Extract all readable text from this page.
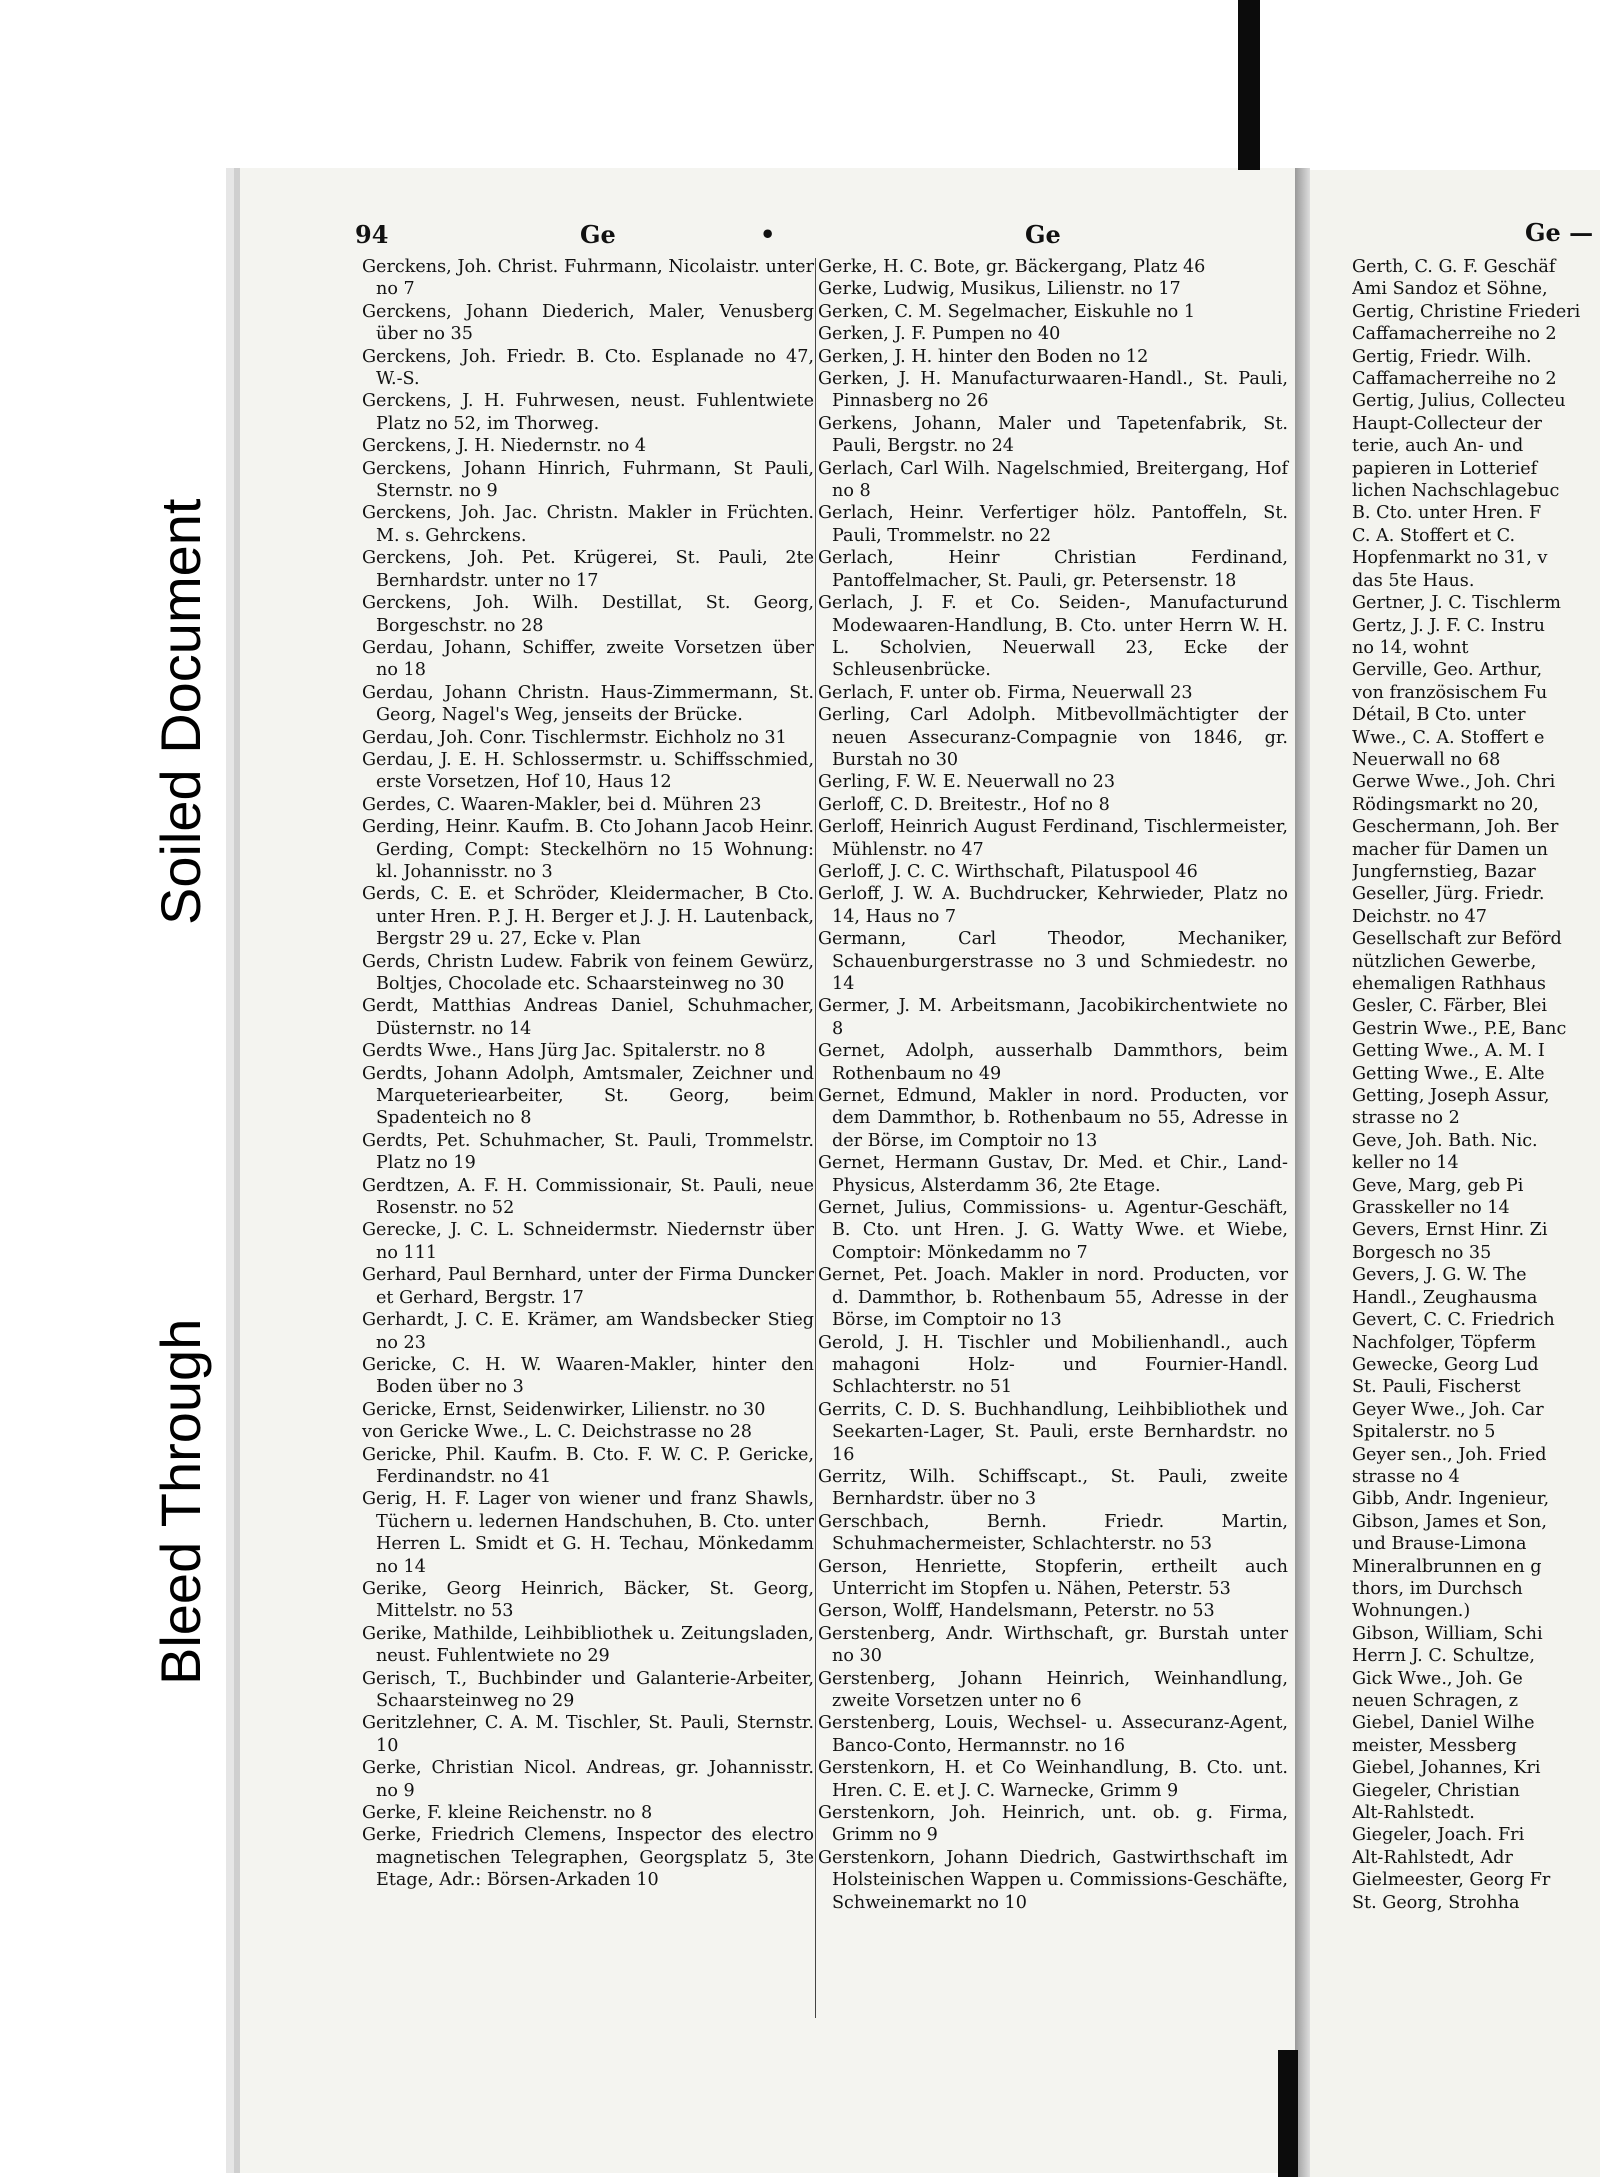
Soiled Document
Bleed Through
94	Ge	•	Ge	Ge —

Gerckens, Joh. Christ. Fuhrmann, Nicolaistr. unter no 7

Gerckens, Johann Diederich, Maler, Venusberg über no 35

Gerckens, Joh. Friedr. B. Cto. Esplanade no 47, W.-S.

Gerckens, J. H. Fuhrwesen, neust. Fuhlentwiete Platz no 52, im Thorweg.

Gerckens, J. H. Niedernstr. no 4

Gerckens, Johann Hinrich, Fuhrmann, St Pauli, Sternstr. no 9

Gerckens, Joh. Jac. Christn. Makler in Früchten. M. s. Gehrckens.

Gerckens, Joh. Pet. Krügerei, St. Pauli, 2te Bernhardstr. unter no 17

Gerckens, Joh. Wilh. Destillat, St. Georg, Borgeschstr. no 28

Gerdau, Johann, Schiffer, zweite Vorsetzen über no 18

Gerdau, Johann Christn. Haus-Zimmermann, St. Georg, Nagel's Weg, jenseits der Brücke.

Gerdau, Joh. Conr. Tischlermstr. Eichholz no 31

Gerdau, J. E. H. Schlossermstr. u. Schiffsschmied, erste Vorsetzen, Hof 10, Haus 12

Gerdes, C. Waaren-Makler, bei d. Mühren 23

Gerding, Heinr. Kaufm. B. Cto Johann Jacob Heinr. Gerding, Compt: Steckelhörn no 15 Wohnung: kl. Johannisstr. no 3

Gerds, C. E. et Schröder, Kleidermacher, B Cto. unter Hren. P. J. H. Berger et J. J. H. Lautenback, Bergstr 29 u. 27, Ecke v. Plan

Gerds, Christn Ludew. Fabrik von feinem Gewürz, Boltjes, Chocolade etc. Schaarsteinweg no 30

Gerdt, Matthias Andreas Daniel, Schuhmacher, Düsternstr. no 14

Gerdts Wwe., Hans Jürg Jac. Spitalerstr. no 8

Gerdts, Johann Adolph, Amtsmaler, Zeichner und Marqueteriearbeiter, St. Georg, beim Spadenteich no 8

Gerdts, Pet. Schuhmacher, St. Pauli, Trommelstr. Platz no 19

Gerdtzen, A. F. H. Commissionair, St. Pauli, neue Rosenstr. no 52

Gerecke, J. C. L. Schneidermstr. Niedernstr über no 111

Gerhard, Paul Bernhard, unter der Firma Duncker et Gerhard, Bergstr. 17

Gerhardt, J. C. E. Krämer, am Wandsbecker Stieg no 23

Gericke, C. H. W. Waaren-Makler, hinter den Boden über no 3

Gericke, Ernst, Seidenwirker, Lilienstr. no 30

von Gericke Wwe., L. C. Deichstrasse no 28

Gericke, Phil. Kaufm. B. Cto. F. W. C. P. Gericke, Ferdinandstr. no 41

Gerig, H. F. Lager von wiener und franz Shawls, Tüchern u. ledernen Handschuhen, B. Cto. unter Herren L. Smidt et G. H. Techau, Mönkedamm no 14

Gerike, Georg Heinrich, Bäcker, St. Georg, Mittelstr. no 53

Gerike, Mathilde, Leihbibliothek u. Zeitungsladen, neust. Fuhlentwiete no 29

Gerisch, T., Buchbinder und Galanterie-Arbeiter, Schaarsteinweg no 29

Geritzlehner, C. A. M. Tischler, St. Pauli, Sternstr. 10

Gerke, Christian Nicol. Andreas, gr. Johannisstr. no 9

Gerke, F. kleine Reichenstr. no 8

Gerke, Friedrich Clemens, Inspector des electro magnetischen Telegraphen, Georgsplatz 5, 3te Etage, Adr.: Börsen-Arkaden 10

Gerke, H. C. Bote, gr. Bäckergang, Platz 46

Gerke, Ludwig, Musikus, Lilienstr. no 17

Gerken, C. M. Segelmacher, Eiskuhle no 1

Gerken, J. F. Pumpen no 40

Gerken, J. H. hinter den Boden no 12

Gerken, J. H. Manufacturwaaren-Handl., St. Pauli, Pinnasberg no 26

Gerkens, Johann, Maler und Tapetenfabrik, St. Pauli, Bergstr. no 24

Gerlach, Carl Wilh. Nagelschmied, Breitergang, Hof no 8

Gerlach, Heinr. Verfertiger hölz. Pantoffeln, St. Pauli, Trommelstr. no 22

Gerlach, Heinr Christian Ferdinand, Pantoffelmacher, St. Pauli, gr. Petersenstr. 18

Gerlach, J. F. et Co. Seiden-, Manufacturund Modewaaren-Handlung, B. Cto. unter Herrn W. H. L. Scholvien, Neuerwall 23, Ecke der Schleusenbrücke.

Gerlach, F. unter ob. Firma, Neuerwall 23

Gerling, Carl Adolph. Mitbevollmächtigter der neuen Assecuranz-Compagnie von 1846, gr. Burstah no 30

Gerling, F. W. E. Neuerwall no 23

Gerloff, C. D. Breitestr., Hof no 8

Gerloff, Heinrich August Ferdinand, Tischlermeister, Mühlenstr. no 47

Gerloff, J. C. C. Wirthschaft, Pilatuspool 46

Gerloff, J. W. A. Buchdrucker, Kehrwieder, Platz no 14, Haus no 7

Germann, Carl Theodor, Mechaniker, Schauenburgerstrasse no 3 und Schmiedestr. no 14

Germer, J. M. Arbeitsmann, Jacobikirchentwiete no 8

Gernet, Adolph, ausserhalb Dammthors, beim Rothenbaum no 49

Gernet, Edmund, Makler in nord. Producten, vor dem Dammthor, b. Rothenbaum no 55, Adresse in der Börse, im Comptoir no 13

Gernet, Hermann Gustav, Dr. Med. et Chir., Land-Physicus, Alsterdamm 36, 2te Etage.

Gernet, Julius, Commissions- u. Agentur-Geschäft, B. Cto. unt Hren. J. G. Watty Wwe. et Wiebe, Comptoir: Mönkedamm no 7

Gernet, Pet. Joach. Makler in nord. Producten, vor d. Dammthor, b. Rothenbaum 55, Adresse in der Börse, im Comptoir no 13

Gerold, J. H. Tischler und Mobilienhandl., auch mahagoni Holz- und Fournier-Handl. Schlachterstr. no 51

Gerrits, C. D. S. Buchhandlung, Leihbibliothek und Seekarten-Lager, St. Pauli, erste Bernhardstr. no 16

Gerritz, Wilh. Schiffscapt., St. Pauli, zweite Bernhardstr. über no 3

Gerschbach, Bernh. Friedr. Martin, Schuhmachermeister, Schlachterstr. no 53

Gerson, Henriette, Stopferin, ertheilt auch Unterricht im Stopfen u. Nähen, Peterstr. 53

Gerson, Wolff, Handelsmann, Peterstr. no 53

Gerstenberg, Andr. Wirthschaft, gr. Burstah unter no 30

Gerstenberg, Johann Heinrich, Weinhandlung, zweite Vorsetzen unter no 6

Gerstenberg, Louis, Wechsel- u. Assecuranz-Agent, Banco-Conto, Hermannstr. no 16

Gerstenkorn, H. et Co Weinhandlung, B. Cto. unt. Hren. C. E. et J. C. Warnecke, Grimm 9

Gerstenkorn, Joh. Heinrich, unt. ob. g. Firma, Grimm no 9

Gerstenkorn, Johann Diedrich, Gastwirthschaft im Holsteinischen Wappen u. Commissions-Geschäfte, Schweinemarkt no 10

Gerth, C. G. F. Geschäf

Ami Sandoz et Söhne,

Gertig, Christine Friederi

Caffamacherreihe no 2

Gertig, Friedr. Wilh.

Caffamacherreihe no 2

Gertig, Julius, Collecteu

Haupt-Collecteur der

terie, auch An- und

papieren in Lotterief

lichen Nachschlagebuc

B. Cto. unter Hren. F

C. A. Stoffert et C.

Hopfenmarkt no 31, v

das 5te Haus.

Gertner, J. C. Tischlerm

Gertz, J. J. F. C. Instru

no 14, wohnt

Gerville, Geo. Arthur,

von französischem Fu

Détail, B Cto. unter

Wwe., C. A. Stoffert e

Neuerwall no 68

Gerwe Wwe., Joh. Chri

Rödingsmarkt no 20,

Geschermann, Joh. Ber

macher für Damen un

Jungfernstieg, Bazar

Geseller, Jürg. Friedr.

Deichstr. no 47

Gesellschaft zur Beförd

nützlichen Gewerbe,

ehemaligen Rathhaus

Gesler, C. Färber, Blei

Gestrin Wwe., P.E, Banc

Getting Wwe., A. M. I

Getting Wwe., E. Alte

Getting, Joseph Assur,

strasse no 2

Geve, Joh. Bath. Nic.

keller no 14

Geve, Marg, geb Pi

Grasskeller no 14

Gevers, Ernst Hinr. Zi

Borgesch no 35

Gevers, J. G. W. The

Handl., Zeughausma

Gevert, C. C. Friedrich

Nachfolger, Töpferm

Gewecke, Georg Lud

St. Pauli, Fischerst

Geyer Wwe., Joh. Car

Spitalerstr. no 5

Geyer sen., Joh. Fried

strasse no 4

Gibb, Andr. Ingenieur,

Gibson, James et Son,

und Brause-Limona

Mineralbrunnen en g

thors, im Durchsch

Wohnungen.)

Gibson, William, Schi

Herrn J. C. Schultze,

Gick Wwe., Joh. Ge

neuen Schragen, z

Giebel, Daniel Wilhe

meister, Messberg

Giebel, Johannes, Kri

Giegeler, Christian

Alt-Rahlstedt.

Giegeler, Joach. Fri

Alt-Rahlstedt, Adr

Gielmeester, Georg Fr

St. Georg, Strohha
